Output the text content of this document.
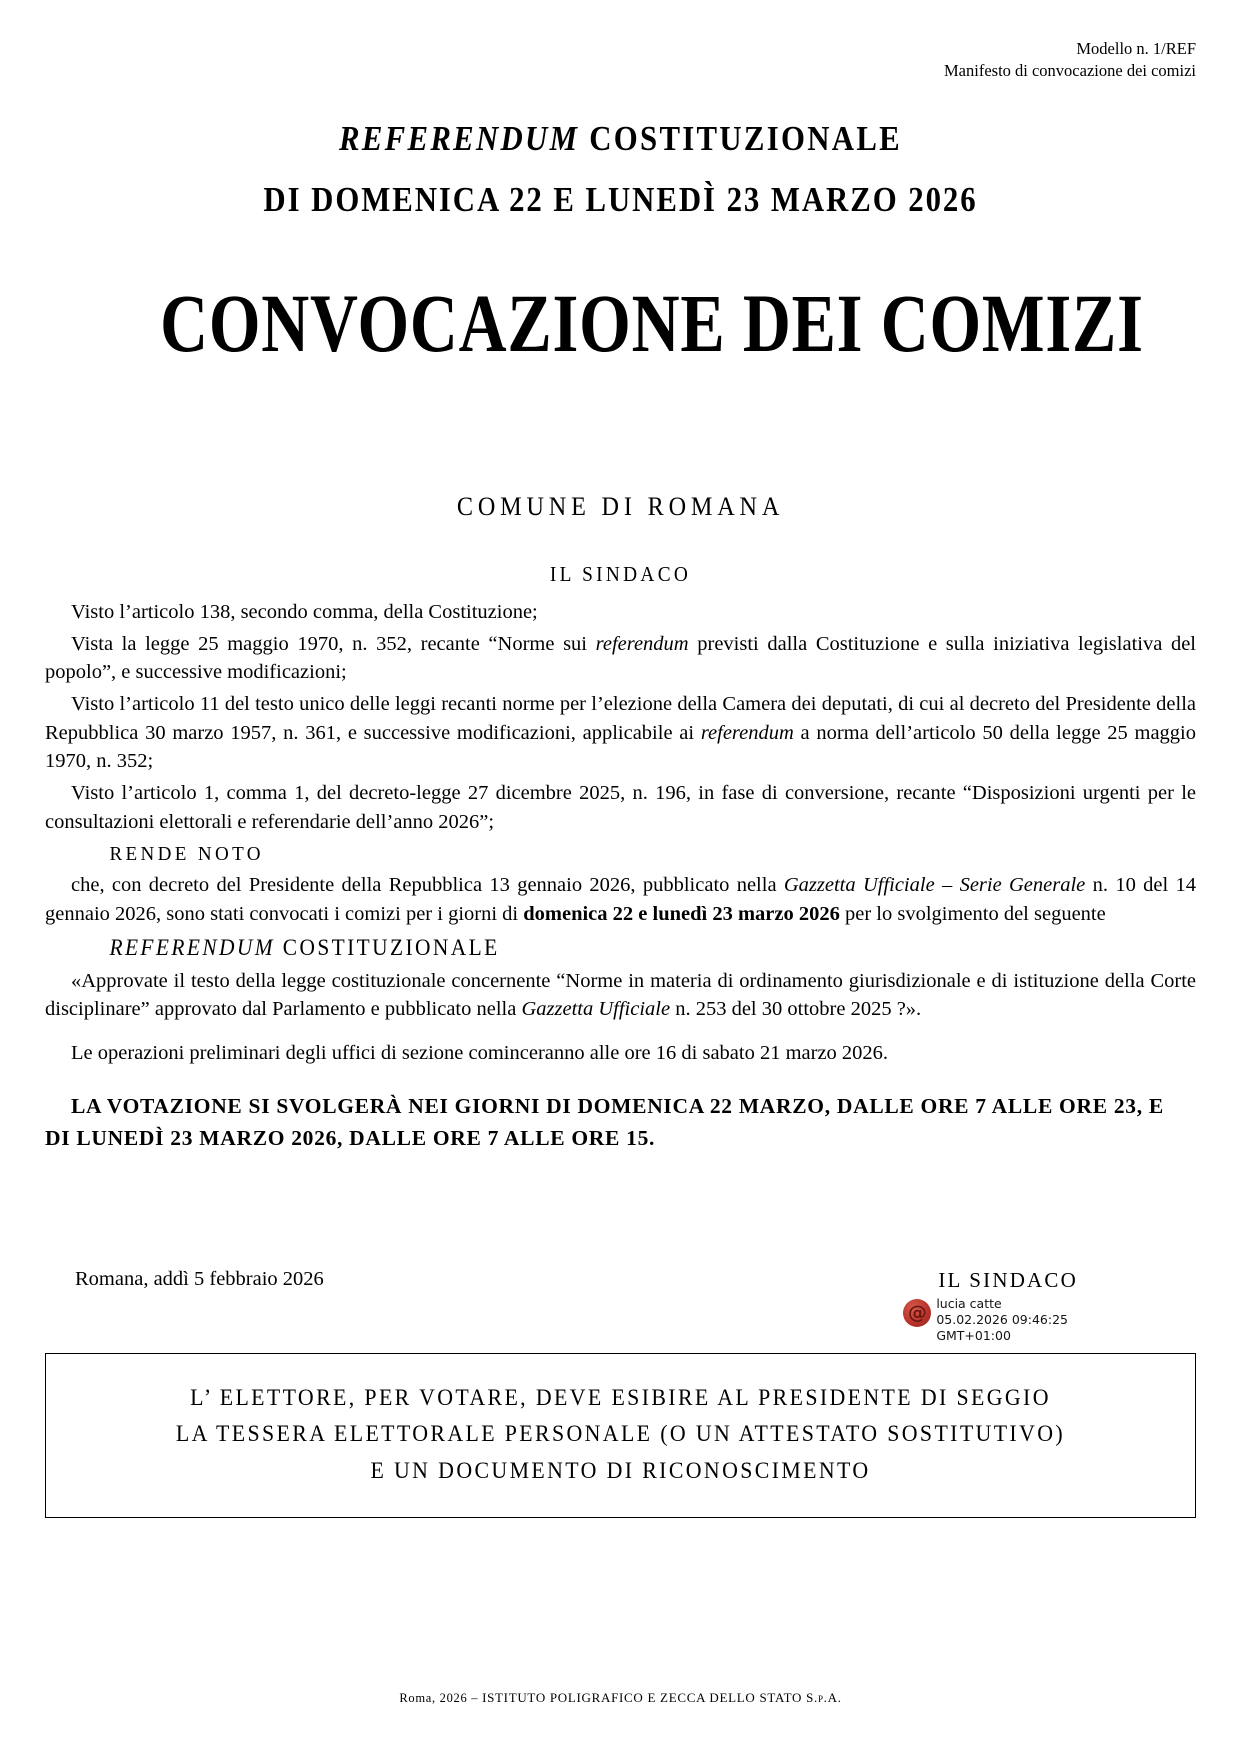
Modello n. 1/REF
Manifesto di convocazione dei comizi
REFERENDUM COSTITUZIONALE
DI DOMENICA 22 E LUNEDÌ 23 MARZO 2026
CONVOCAZIONE DEI COMIZI
COMUNE DI ROMANA
IL SINDACO

Visto l’articolo 138, secondo comma, della Costituzione;

Vista la legge 25 maggio 1970, n. 352, recante “Norme sui referendum previsti dalla Costituzione e sulla iniziativa legislativa del popolo”, e successive modificazioni;

Visto l’articolo 11 del testo unico delle leggi recanti norme per l’elezione della Camera dei deputati, di cui al decreto del Presidente della Repubblica 30 marzo 1957, n. 361, e successive modificazioni, applicabile ai referendum a norma dell’articolo 50 della legge 25 maggio 1970, n. 352;

Visto l’articolo 1, comma 1, del decreto-legge 27 dicembre 2025, n. 196, in fase di conversione, recante “Disposizioni urgenti per le consultazioni elettorali e referendarie dell’anno 2026”;

RENDE NOTO

che, con decreto del Presidente della Repubblica 13 gennaio 2026, pubblicato nella Gazzetta Ufficiale – Serie Generale n. 10 del 14 gennaio 2026, sono stati convocati i comizi per i giorni di domenica 22 e lunedì 23 marzo 2026 per lo svolgimento del seguente

REFERENDUM COSTITUZIONALE

«Approvate il testo della legge costituzionale concernente “Norme in materia di ordinamento giurisdizionale e di istituzione della Corte disciplinare” approvato dal Parlamento e pubblicato nella Gazzetta Ufficiale n. 253 del 30 ottobre 2025 ?».

Le operazioni preliminari degli uffici di sezione cominceranno alle ore 16 di sabato 21 marzo 2026.

LA VOTAZIONE SI SVOLGERÀ NEI GIORNI DI DOMENICA 22 MARZO, DALLE ORE 7 ALLE ORE 23, E
DI LUNEDÌ 23 MARZO 2026, DALLE ORE 7 ALLE ORE 15.

Romana, addì 5 febbraio 2026	IL SINDACO
@
lucia catte
05.02.2026 09:46:25
GMT+01:00
L’ ELETTORE, PER VOTARE, DEVE ESIBIRE AL PRESIDENTE DI SEGGIO
LA TESSERA ELETTORALE PERSONALE (O UN ATTESTATO SOSTITUTIVO)
E UN DOCUMENTO DI RICONOSCIMENTO
Roma, 2026 – ISTITUTO POLIGRAFICO E ZECCA DELLO STATO S.p.A.
